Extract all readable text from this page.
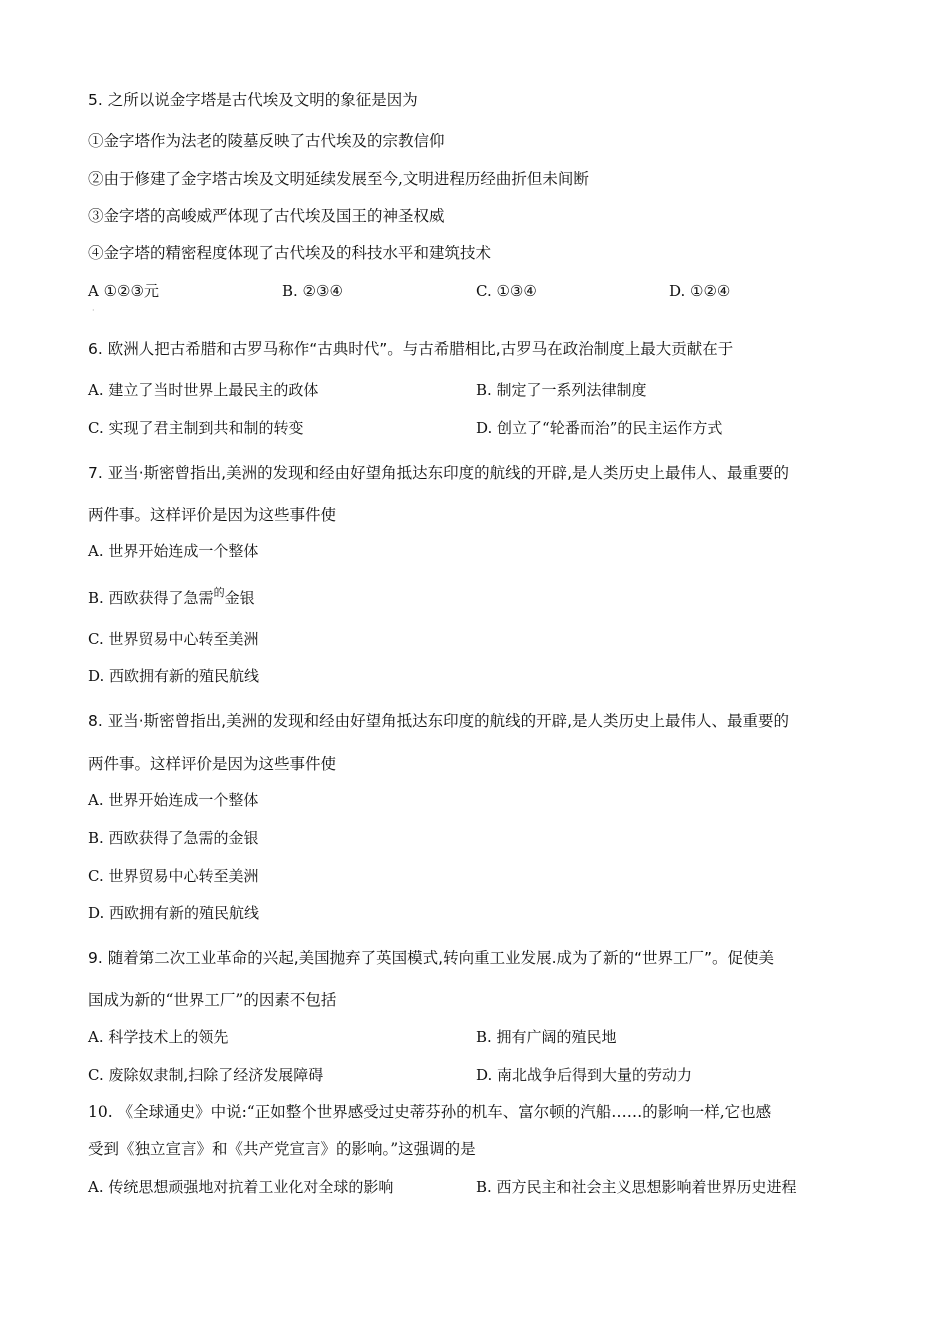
5. 之所以说金字塔是古代埃及文明的象征是因为
①金字塔作为法老的陵墓反映了古代埃及的宗教信仰
②由于修建了金字塔古埃及文明延续发展至今,文明进程历经曲折但未间断
③金字塔的高峻威严体现了古代埃及国王的神圣权威
④金字塔的精密程度体现了古代埃及的科技水平和建筑技术
A ①②③元	B. ②③④	C. ①③④	D. ①②④
·
6. 欧洲人把古希腊和古罗马称作“古典时代”。与古希腊相比,古罗马在政治制度上最大贡献在于
A. 建立了当时世界上最民主的政体	B. 制定了一系列法律制度
C. 实现了君主制到共和制的转变	D. 创立了“轮番而治”的民主运作方式
7. 亚当·斯密曾指出,美洲的发现和经由好望角抵达东印度的航线的开辟,是人类历史上最伟人、最重要的
两件事。这样评价是因为这些事件使
A. 世界开始连成一个整体
B. 西欧获得了急需$^的$金银
C. 世界贸易中心转至美洲
D. 西欧拥有新的殖民航线
8. 亚当·斯密曾指出,美洲的发现和经由好望角抵达东印度的航线的开辟,是人类历史上最伟人、最重要的
两件事。这样评价是因为这些事件使
A. 世界开始连成一个整体
B. 西欧获得了急需的金银
C. 世界贸易中心转至美洲
D. 西欧拥有新的殖民航线
9. 随着第二次工业革命的兴起,美国抛弃了英国模式,转向重工业发展.成为了新的“世界工厂”。促使美
国成为新的“世界工厂”的因素不包括
A. 科学技术上的领先	B. 拥有广阔的殖民地
C. 废除奴隶制,扫除了经济发展障碍	D. 南北战争后得到大量的劳动力
10. 《全球通史》中说:“正如整个世界感受过史蒂芬孙的机车、富尔顿的汽船……的影响一样,它也感
受到《独立宣言》和《共产党宣言》的影响。”这强调的是
A. 传统思想顽强地对抗着工业化对全球的影响	B. 西方民主和社会主义思想影响着世界历史进程
